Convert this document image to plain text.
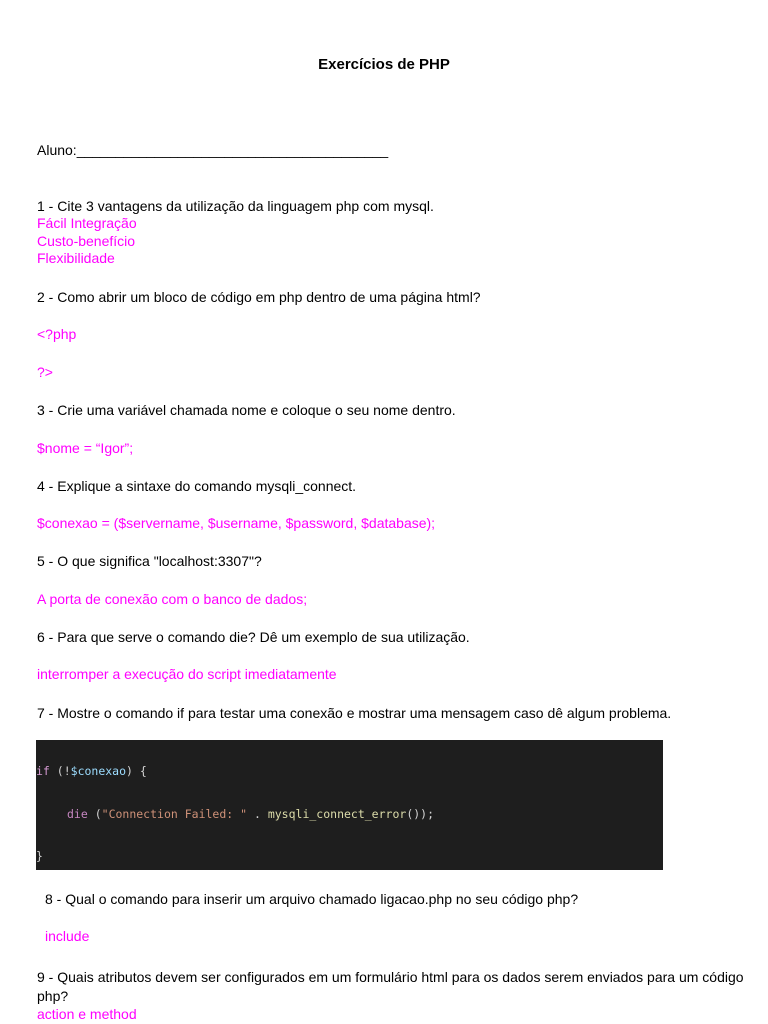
Exercícios de PHP
Aluno:________________________________________
1 - Cite 3 vantagens da utilização da linguagem php com mysql.
Fácil Integração
Custo-benefício
Flexibilidade
2 - Como abrir um bloco de código em php dentro de uma página html?
<?php
?>
3 - Crie uma variável chamada nome e coloque o seu nome dentro.
$nome = “Igor”;
4 - Explique a sintaxe do comando mysqli_connect.
$conexao = ($servername, $username, $password, $database);
5 - O que significa "localhost:3307"?
A porta de conexão com o banco de dados;
6 - Para que serve o comando die? Dê um exemplo de sua utilização.
interromper a execução do script imediatamente
7 - Mostre o comando if para testar uma conexão e mostrar uma mensagem caso dê algum problema.
if (!$conexao) {
die ("Connection Failed: " . mysqli_connect_error());
}
8 - Qual o comando para inserir um arquivo chamado ligacao.php no seu código php?
include
9 - Quais atributos devem ser configurados em um formulário html para os dados serem enviados para um código
php?
action e method
